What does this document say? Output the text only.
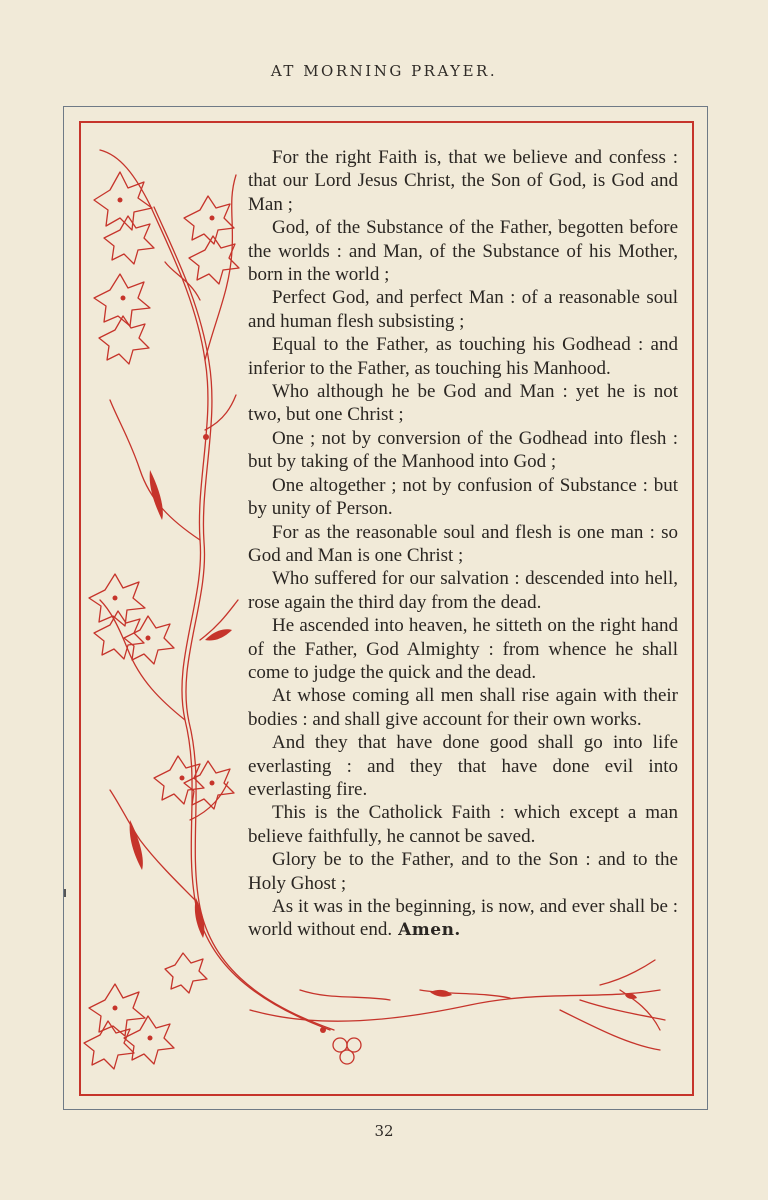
AT MORNING PRAYER.

For the right Faith is, that we believe and confess : that our Lord Jesus Christ, the Son of God, is God and Man ;

God, of the Substance of the Father, begotten before the worlds : and Man, of the Substance of his Mother, born in the world ;

Perfect God, and perfect Man : of a reasonable soul and human flesh subsisting ;

Equal to the Father, as touching his Godhead : and inferior to the Father, as touching his Manhood.

Who although he be God and Man : yet he is not two, but one Christ ;

One ; not by conversion of the Godhead into flesh : but by taking of the Manhood into God ;

One altogether ; not by confusion of Substance : but by unity of Person.

For as the reasonable soul and flesh is one man : so God and Man is one Christ ;

Who suffered for our salvation : descended into hell, rose again the third day from the dead.

He ascended into heaven, he sitteth on the right hand of the Father, God Almighty : from whence he shall come to judge the quick and the dead.

At whose coming all men shall rise again with their bodies : and shall give account for their own works.

And they that have done good shall go into life everlasting : and they that have done evil into everlasting fire.

This is the Catholick Faith : which except a man believe faithfully, he cannot be saved.

Glory be to the Father, and to the Son : and to the Holy Ghost ;

As it was in the beginning, is now, and ever shall be : world without end. Amen.

32
